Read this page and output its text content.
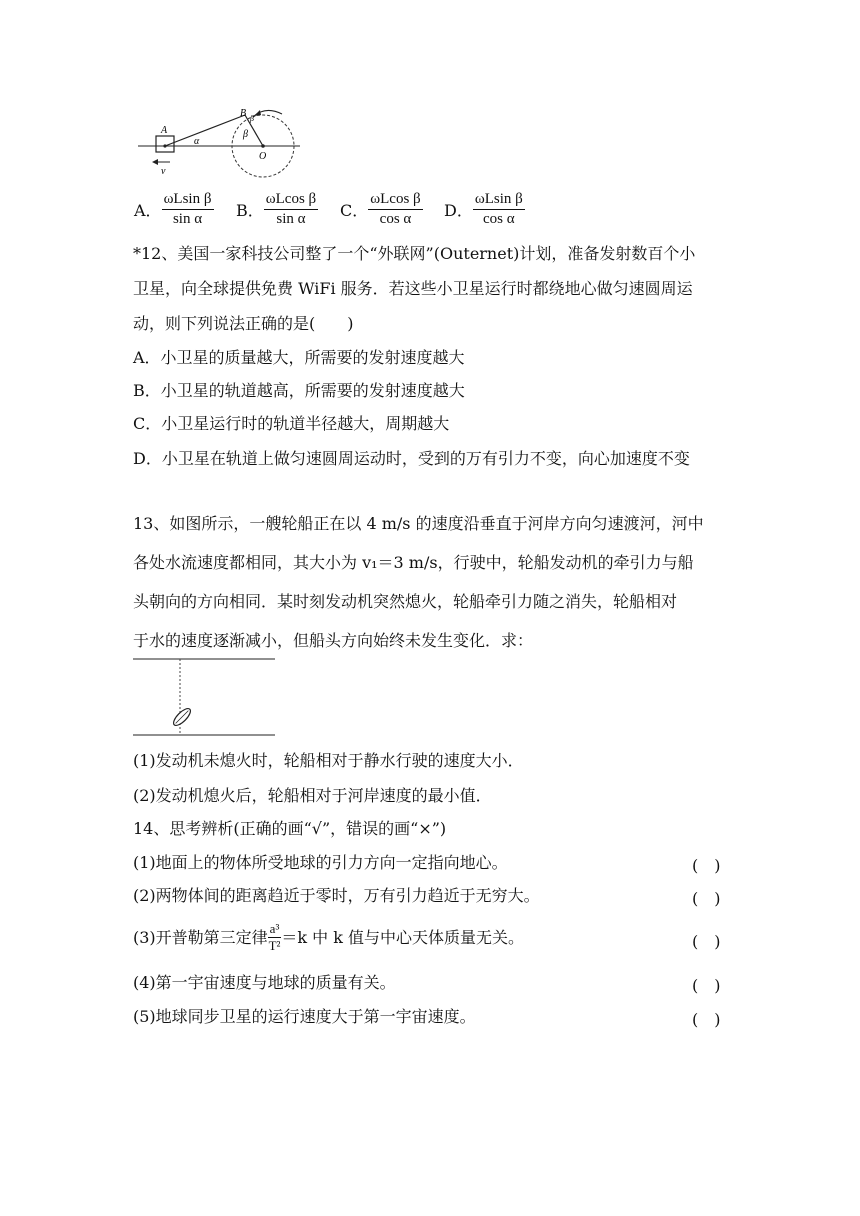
A
B β
β
α
O
v
A． $\frac{\text{ωLsin β}}{\text{sin α}}$ B． $\frac{\text{ωLcos β}}{\text{sin α}}$ C． $\frac{\text{ωLcos β}}{\text{cos α}}$ D． $\frac{\text{ωLsin β}}{\text{cos α}}$
*12、美国一家科技公司整了一个“外联网”(Outernet)计划，准备发射数百个小
卫星，向全球提供免费 WiFi 服务．若这些小卫星运行时都绕地心做匀速圆周运
动，则下列说法正确的是(　　)
A．小卫星的质量越大，所需要的发射速度越大
B．小卫星的轨道越高，所需要的发射速度越大
C．小卫星运行时的轨道半径越大，周期越大
D．小卫星在轨道上做匀速圆周运动时，受到的万有引力不变，向心加速度不变
13、如图所示，一艘轮船正在以 4 m/s 的速度沿垂直于河岸方向匀速渡河，河中
各处水流速度都相同，其大小为 v₁＝3 m/s，行驶中，轮船发动机的牵引力与船
头朝向的方向相同．某时刻发动机突然熄火，轮船牵引力随之消失，轮船相对
于水的速度逐渐减小，但船头方向始终未发生变化．求：
(1)发动机未熄火时，轮船相对于静水行驶的速度大小．
(2)发动机熄火后，轮船相对于河岸速度的最小值．
14、思考辨析(正确的画“√”，错误的画“×”)
(1)地面上的物体所受地球的引力方向一定指向地心。	(　)
(2)两物体间的距离趋近于零时，万有引力趋近于无穷大。	(　)
(3)开普勒第三定律 $\frac{\text{a³}}{\text{T²}} =k$ 中 k 值与中心天体质量无关。	(　)
(4)第一宇宙速度与地球的质量有关。	(　)
(5)地球同步卫星的运行速度大于第一宇宙速度。	(　)
